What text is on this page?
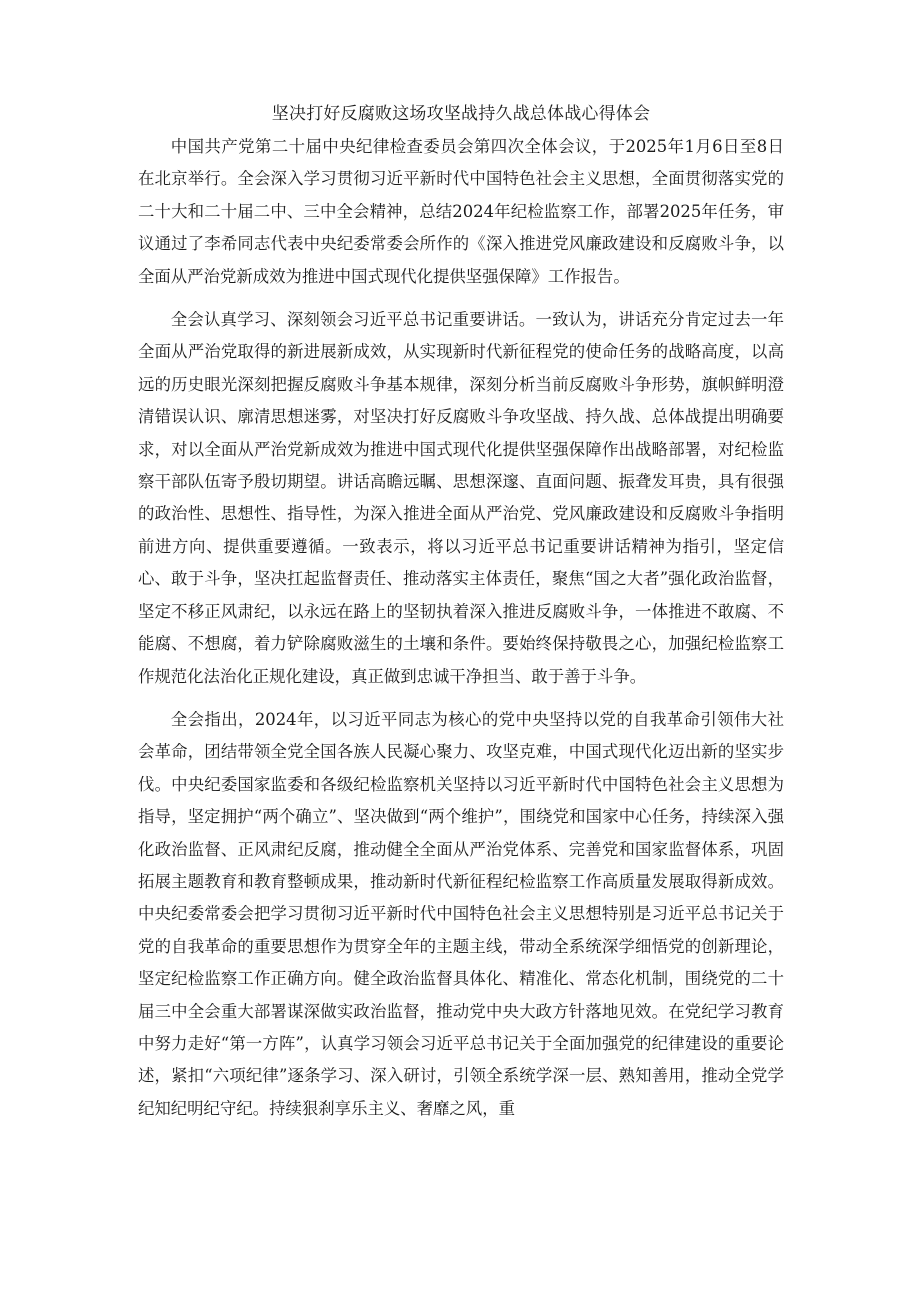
坚决打好反腐败这场攻坚战持久战总体战心得体会

中国共产党第二十届中央纪律检查委员会第四次全体会议，于2025年1月6日至8日在北京举行。全会深入学习贯彻习近平新时代中国特色社会主义思想，全面贯彻落实党的二十大和二十届二中、三中全会精神，总结2024年纪检监察工作，部署2025年任务，审议通过了李希同志代表中央纪委常委会所作的《深入推进党风廉政建设和反腐败斗争，以全面从严治党新成效为推进中国式现代化提供坚强保障》工作报告。

全会认真学习、深刻领会习近平总书记重要讲话。一致认为，讲话充分肯定过去一年全面从严治党取得的新进展新成效，从实现新时代新征程党的使命任务的战略高度，以高远的历史眼光深刻把握反腐败斗争基本规律，深刻分析当前反腐败斗争形势，旗帜鲜明澄清错误认识、廓清思想迷雾，对坚决打好反腐败斗争攻坚战、持久战、总体战提出明确要求，对以全面从严治党新成效为推进中国式现代化提供坚强保障作出战略部署，对纪检监察干部队伍寄予殷切期望。讲话高瞻远瞩、思想深邃、直面问题、振聋发耳贵，具有很强的政治性、思想性、指导性，为深入推进全面从严治党、党风廉政建设和反腐败斗争指明前进方向、提供重要遵循。一致表示，将以习近平总书记重要讲话精神为指引，坚定信心、敢于斗争，坚决扛起监督责任、推动落实主体责任，聚焦“国之大者”强化政治监督，坚定不移正风肃纪，以永远在路上的坚韧执着深入推进反腐败斗争，一体推进不敢腐、不能腐、不想腐，着力铲除腐败滋生的土壤和条件。要始终保持敬畏之心，加强纪检监察工作规范化法治化正规化建设，真正做到忠诚干净担当、敢于善于斗争。

全会指出，2024年，以习近平同志为核心的党中央坚持以党的自我革命引领伟大社会革命，团结带领全党全国各族人民凝心聚力、攻坚克难，中国式现代化迈出新的坚实步伐。中央纪委国家监委和各级纪检监察机关坚持以习近平新时代中国特色社会主义思想为指导，坚定拥护“两个确立”、坚决做到“两个维护”，围绕党和国家中心任务，持续深入强化政治监督、正风肃纪反腐，推动健全全面从严治党体系、完善党和国家监督体系，巩固拓展主题教育和教育整顿成果，推动新时代新征程纪检监察工作高质量发展取得新成效。中央纪委常委会把学习贯彻习近平新时代中国特色社会主义思想特别是习近平总书记关于党的自我革命的重要思想作为贯穿全年的主题主线，带动全系统深学细悟党的创新理论，坚定纪检监察工作正确方向。健全政治监督具体化、精准化、常态化机制，围绕党的二十届三中全会重大部署谋深做实政治监督，推动党中央大政方针落地见效。在党纪学习教育中努力走好“第一方阵”，认真学习领会习近平总书记关于全面加强党的纪律建设的重要论述，紧扣“六项纪律”逐条学习、深入研讨，引领全系统学深一层、熟知善用，推动全党学纪知纪明纪守纪。持续狠刹享乐主义、奢靡之风，重
